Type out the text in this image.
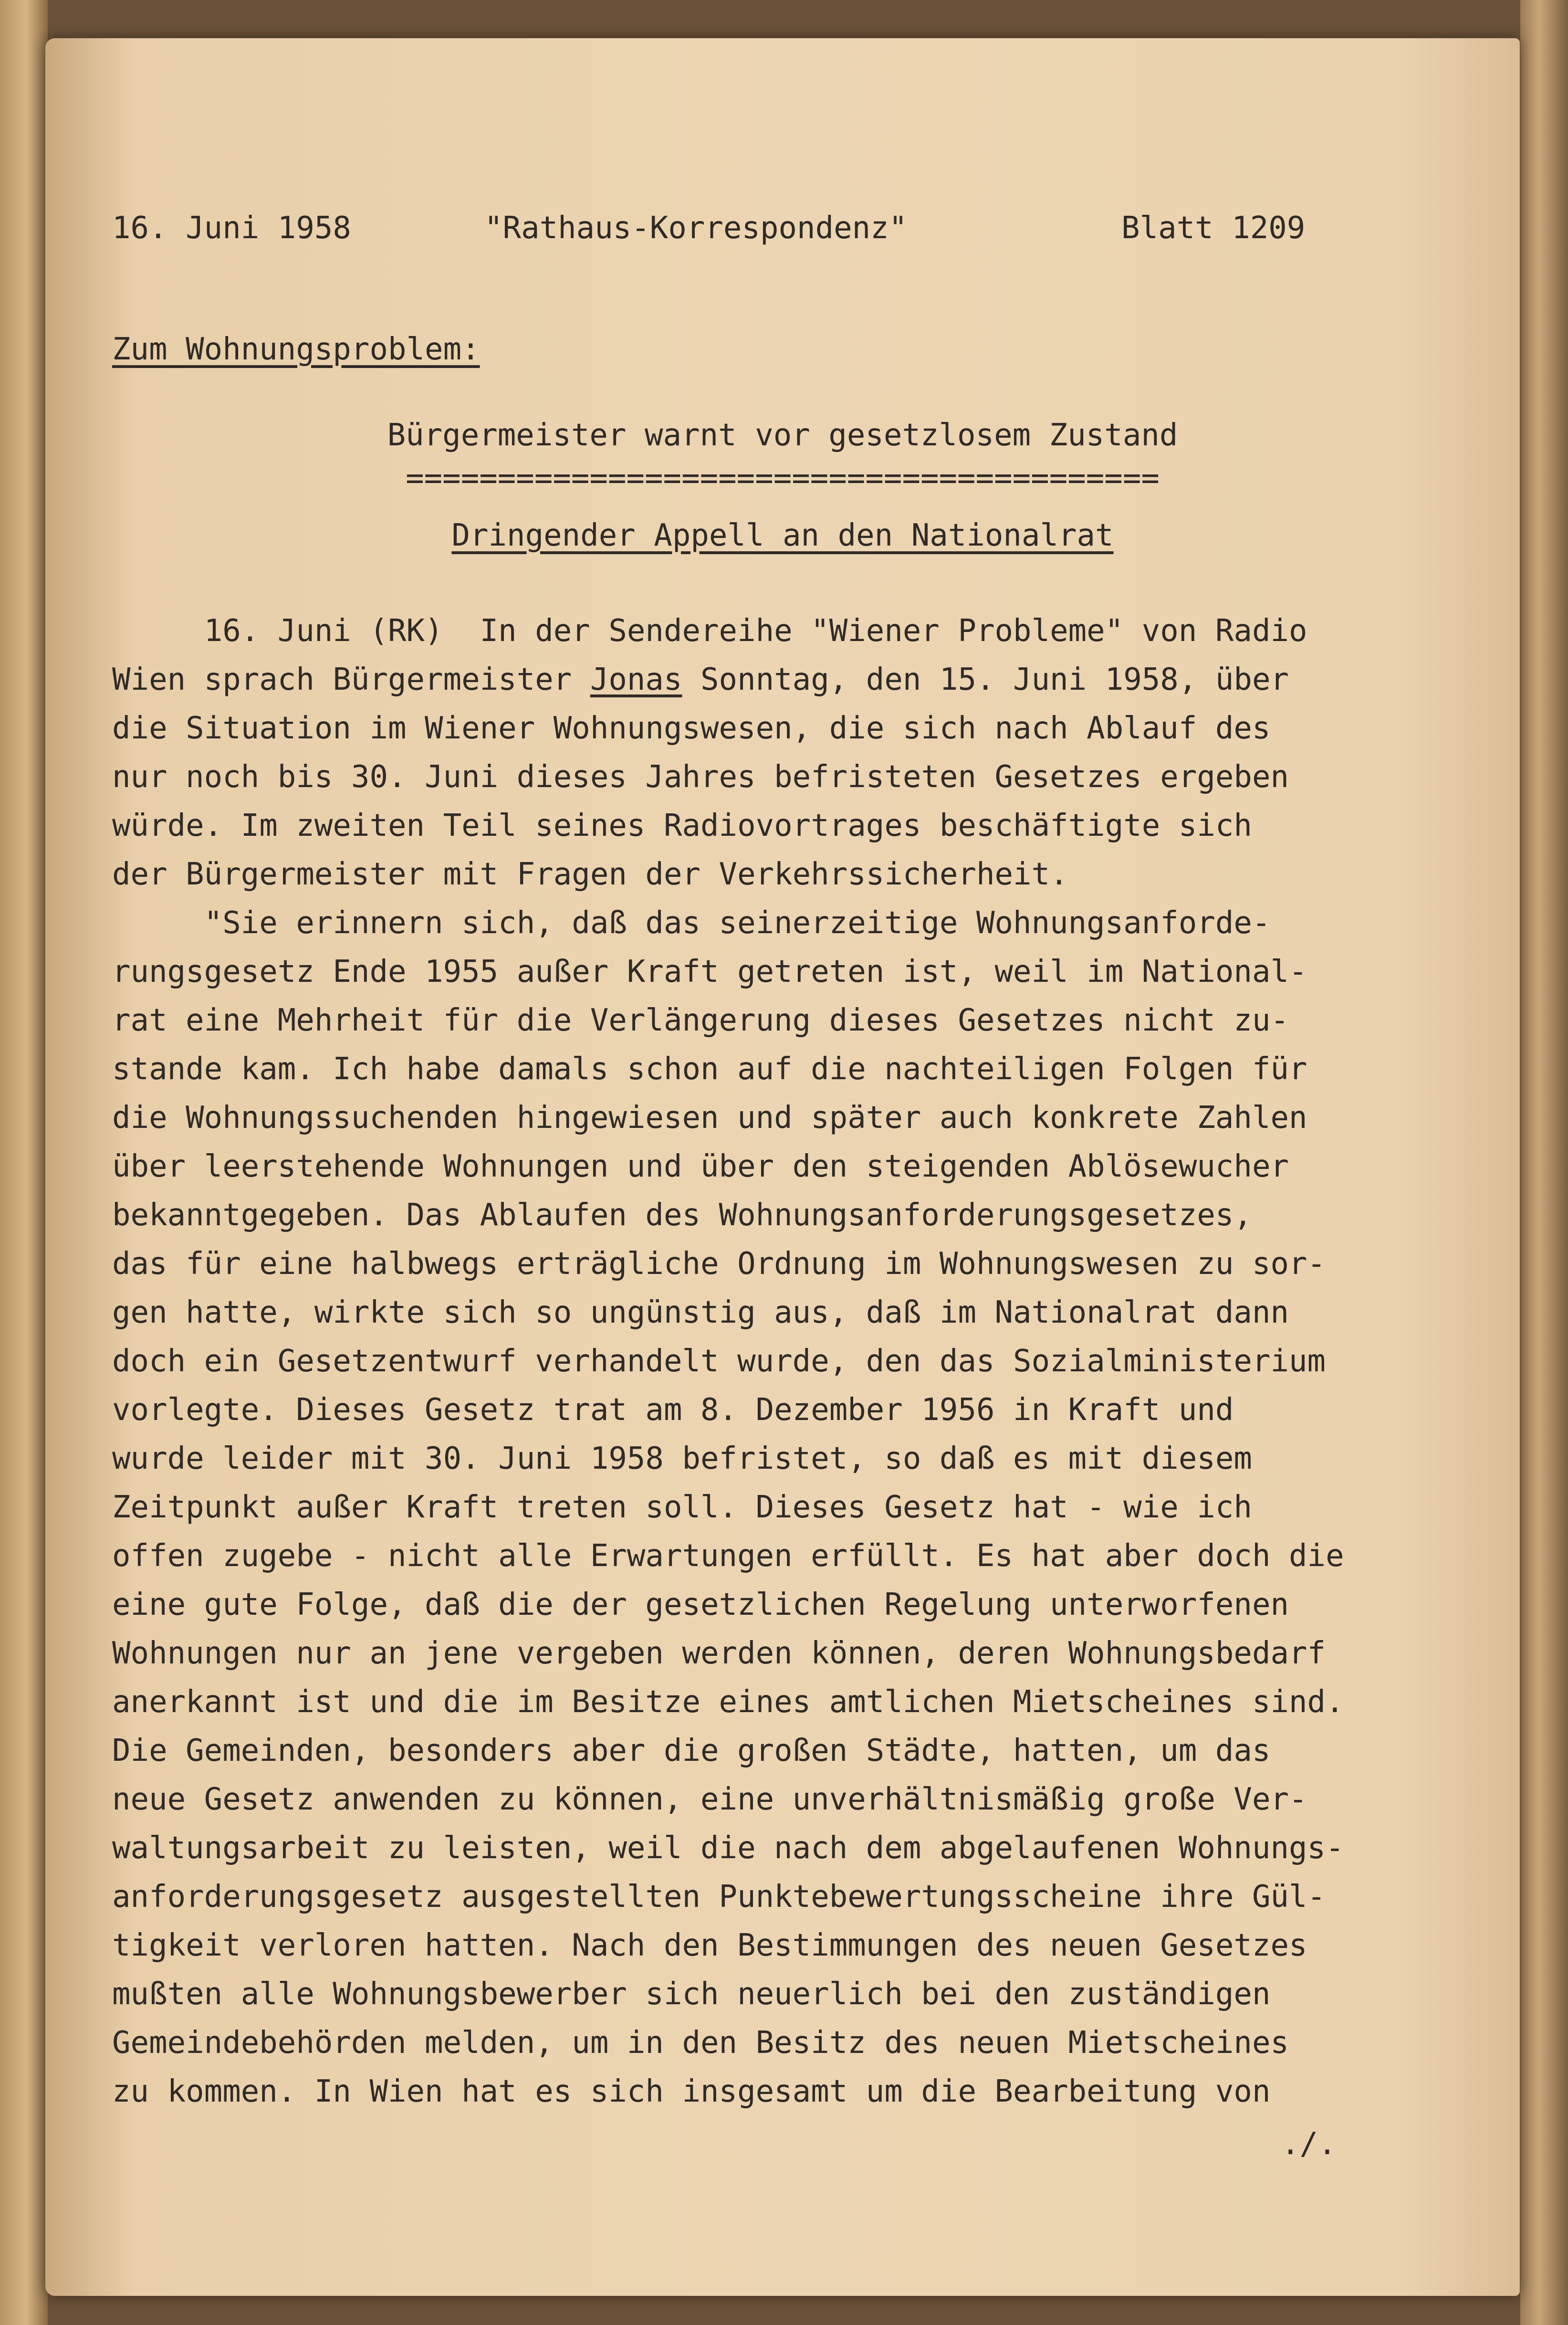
16. Juni 1958	"Rathaus-Korrespondenz"	Blatt 1209
Zum Wohnungsproblem:
Bürgermeister warnt vor gesetzlosem Zustand
=========================================
Dringender Appell an den Nationalrat
16. Juni (RK)  In der Sendereihe "Wiener Probleme" von Radio
Wien sprach Bürgermeister Jonas Sonntag, den 15. Juni 1958, über
die Situation im Wiener Wohnungswesen, die sich nach Ablauf des
nur noch bis 30. Juni dieses Jahres befristeten Gesetzes ergeben
würde. Im zweiten Teil seines Radiovortrages beschäftigte sich
der Bürgermeister mit Fragen der Verkehrssicherheit.
"Sie erinnern sich, daß das seinerzeitige Wohnungsanforde-
rungsgesetz Ende 1955 außer Kraft getreten ist, weil im National-
rat eine Mehrheit für die Verlängerung dieses Gesetzes nicht zu-
stande kam. Ich habe damals schon auf die nachteiligen Folgen für
die Wohnungssuchenden hingewiesen und später auch konkrete Zahlen
über leerstehende Wohnungen und über den steigenden Ablösewucher
bekanntgegeben. Das Ablaufen des Wohnungsanforderungsgesetzes,
das für eine halbwegs erträgliche Ordnung im Wohnungswesen zu sor-
gen hatte, wirkte sich so ungünstig aus, daß im Nationalrat dann
doch ein Gesetzentwurf verhandelt wurde, den das Sozialministerium
vorlegte. Dieses Gesetz trat am 8. Dezember 1956 in Kraft und
wurde leider mit 30. Juni 1958 befristet, so daß es mit diesem
Zeitpunkt außer Kraft treten soll. Dieses Gesetz hat - wie ich
offen zugebe - nicht alle Erwartungen erfüllt. Es hat aber doch die
eine gute Folge, daß die der gesetzlichen Regelung unterworfenen
Wohnungen nur an jene vergeben werden können, deren Wohnungsbedarf
anerkannt ist und die im Besitze eines amtlichen Mietscheines sind.
Die Gemeinden, besonders aber die großen Städte, hatten, um das
neue Gesetz anwenden zu können, eine unverhältnismäßig große Ver-
waltungsarbeit zu leisten, weil die nach dem abgelaufenen Wohnungs-
anforderungsgesetz ausgestellten Punktebewertungsscheine ihre Gül-
tigkeit verloren hatten. Nach den Bestimmungen des neuen Gesetzes
mußten alle Wohnungsbewerber sich neuerlich bei den zuständigen
Gemeindebehörden melden, um in den Besitz des neuen Mietscheines
zu kommen. In Wien hat es sich insgesamt um die Bearbeitung von
./.
